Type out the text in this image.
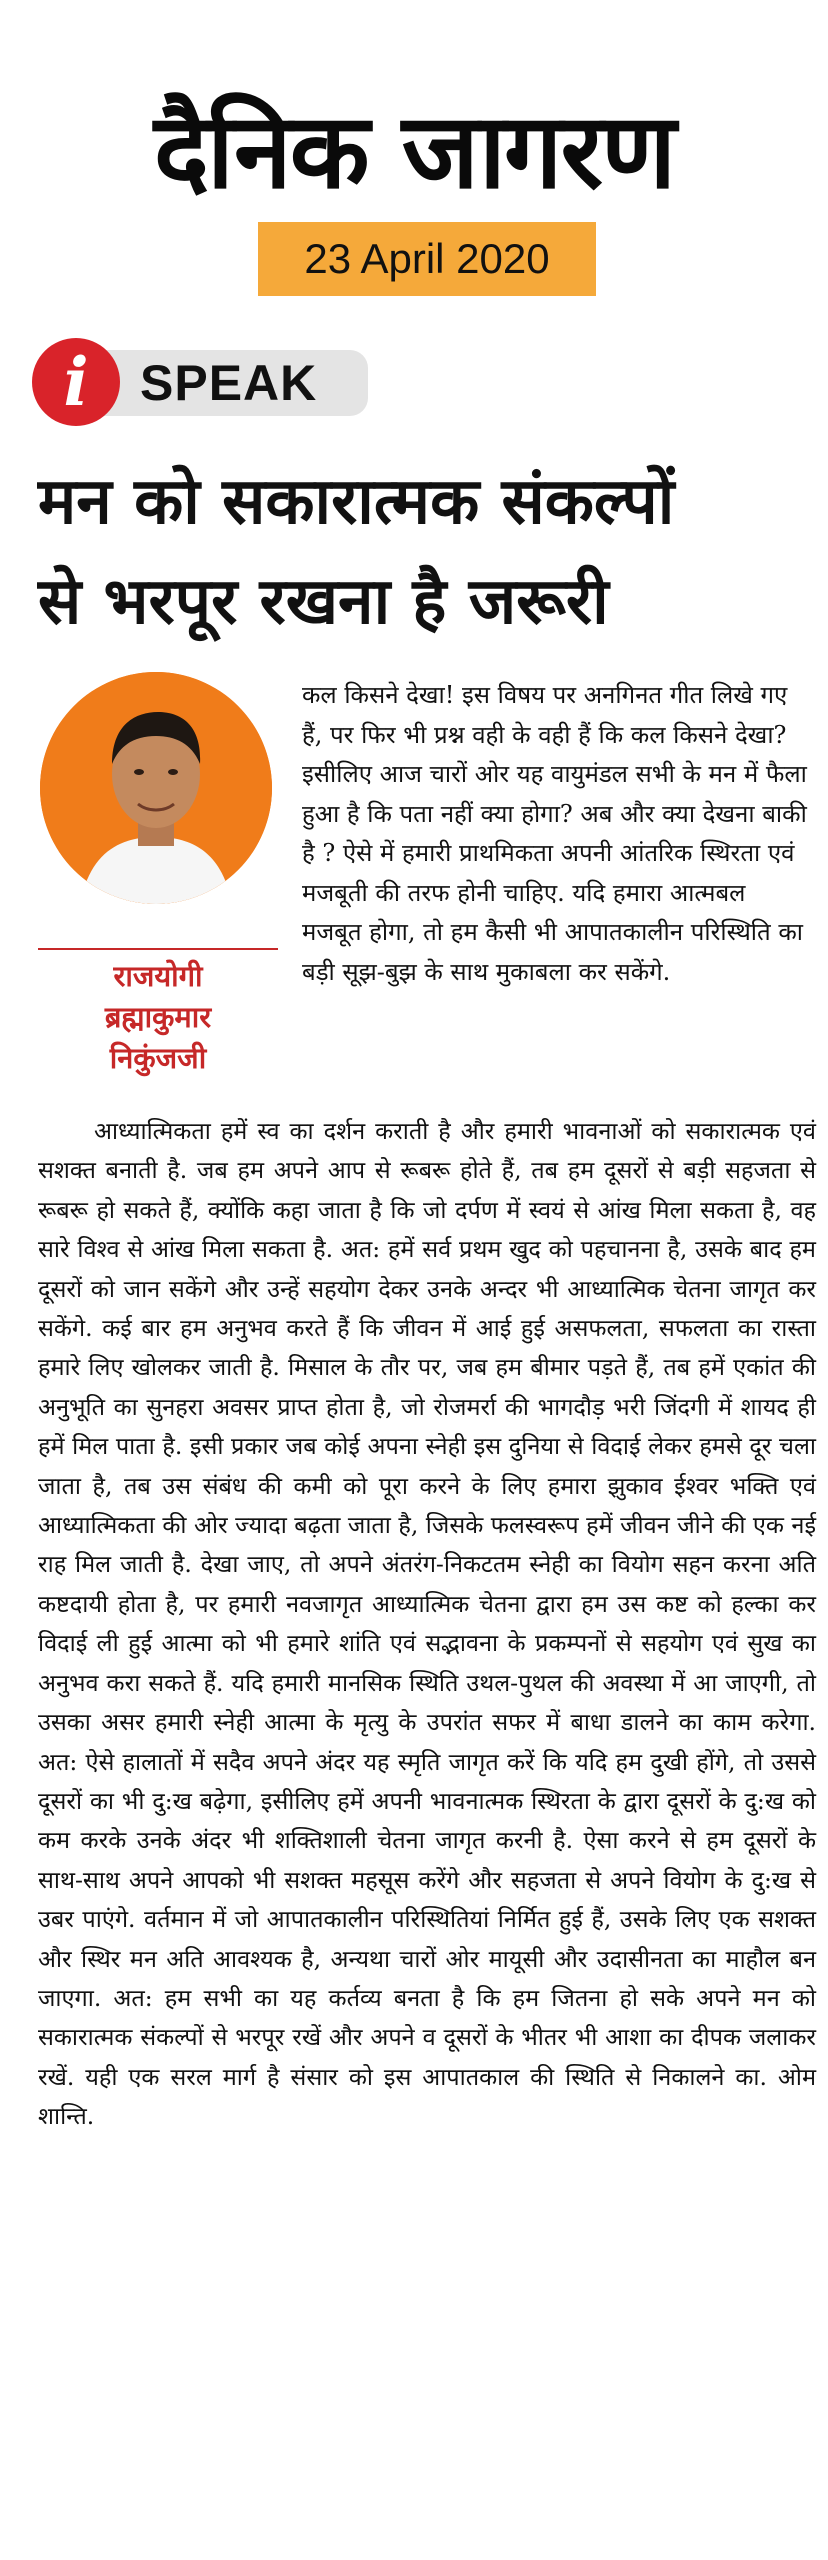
दैनिक जागरण
23 April 2020
i	SPEAK
मन को सकारात्मक संकल्पों
से भरपूर रखना है जरूरी
राजयोगी
ब्रह्माकुमार
निकुंजजी

कल किसने देखा! इस विषय पर अनगिनत गीत लिखे गए हैं, पर फिर भी प्रश्न वही के वही हैं कि कल किसने देखा? इसीलिए आज चारों ओर यह वायुमंडल सभी के मन में फैला हुआ है कि पता नहीं क्या होगा? अब और क्या देखना बाकी है ? ऐसे में हमारी प्राथमिकता अपनी आंतरिक स्थिरता एवं मजबूती की तरफ होनी चाहिए. यदि हमारा आत्मबल मजबूत होगा, तो हम कैसी भी आपातकालीन परिस्थिति का बड़ी सूझ-बुझ के साथ मुकाबला कर सकेंगे.

आध्यात्मिकता हमें स्व का दर्शन कराती है और हमारी भावनाओं को सकारात्मक एवं सशक्त बनाती है. जब हम अपने आप से रूबरू होते हैं, तब हम दूसरों से बड़ी सहजता से रूबरू हो सकते हैं, क्योंकि कहा जाता है कि जो दर्पण में स्वयं से आंख मिला सकता है, वह सारे विश्व से आंख मिला सकता है. अत: हमें सर्व प्रथम खुद को पहचानना है, उसके बाद हम दूसरों को जान सकेंगे और उन्हें सहयोग देकर उनके अन्दर भी आध्यात्मिक चेतना जागृत कर सकेंगे. कई बार हम अनुभव करते हैं कि जीवन में आई हुई असफलता, सफलता का रास्ता हमारे लिए खोलकर जाती है. मिसाल के तौर पर, जब हम बीमार पड़ते हैं, तब हमें एकांत की अनुभूति का सुनहरा अवसर प्राप्त होता है, जो रोजमर्रा की भागदौड़ भरी जिंदगी में शायद ही हमें मिल पाता है. इसी प्रकार जब कोई अपना स्नेही इस दुनिया से विदाई लेकर हमसे दूर चला जाता है, तब उस संबंध की कमी को पूरा करने के लिए हमारा झुकाव ईश्वर भक्ति एवं आध्यात्मिकता की ओर ज्यादा बढ़ता जाता है, जिसके फलस्वरूप हमें जीवन जीने की एक नई राह मिल जाती है. देखा जाए, तो अपने अंतरंग-निकटतम स्नेही का वियोग सहन करना अति कष्टदायी होता है, पर हमारी नवजागृत आध्यात्मिक चेतना द्वारा हम उस कष्ट को हल्का कर विदाई ली हुई आत्मा को भी हमारे शांति एवं सद्भावना के प्रकम्पनों से सहयोग एवं सुख का अनुभव करा सकते हैं. यदि हमारी मानसिक स्थिति उथल-पुथल की अवस्था में आ जाएगी, तो उसका असर हमारी स्नेही आत्मा के मृत्यु के उपरांत सफर में बाधा डालने का काम करेगा. अत: ऐसे हालातों में सदैव अपने अंदर यह स्मृति जागृत करें कि यदि हम दुखी होंगे, तो उससे दूसरों का भी दु:ख बढ़ेगा, इसीलिए हमें अपनी भावनात्मक स्थिरता के द्वारा दूसरों के दु:ख को कम करके उनके अंदर भी शक्तिशाली चेतना जागृत करनी है. ऐसा करने से हम दूसरों के साथ-साथ अपने आपको भी सशक्त महसूस करेंगे और सहजता से अपने वियोग के दु:ख से उबर पाएंगे. वर्तमान में जो आपातकालीन परिस्थितियां निर्मित हुई हैं, उसके लिए एक सशक्त और स्थिर मन अति आवश्यक है, अन्यथा चारों ओर मायूसी और उदासीनता का माहौल बन जाएगा. अत: हम सभी का यह कर्तव्य बनता है कि हम जितना हो सके अपने मन को सकारात्मक संकल्पों से भरपूर रखें और अपने व दूसरों के भीतर भी आशा का दीपक जलाकर रखें. यही एक सरल मार्ग है संसार को इस आपातकाल की स्थिति से निकालने का. ओम शान्ति.
